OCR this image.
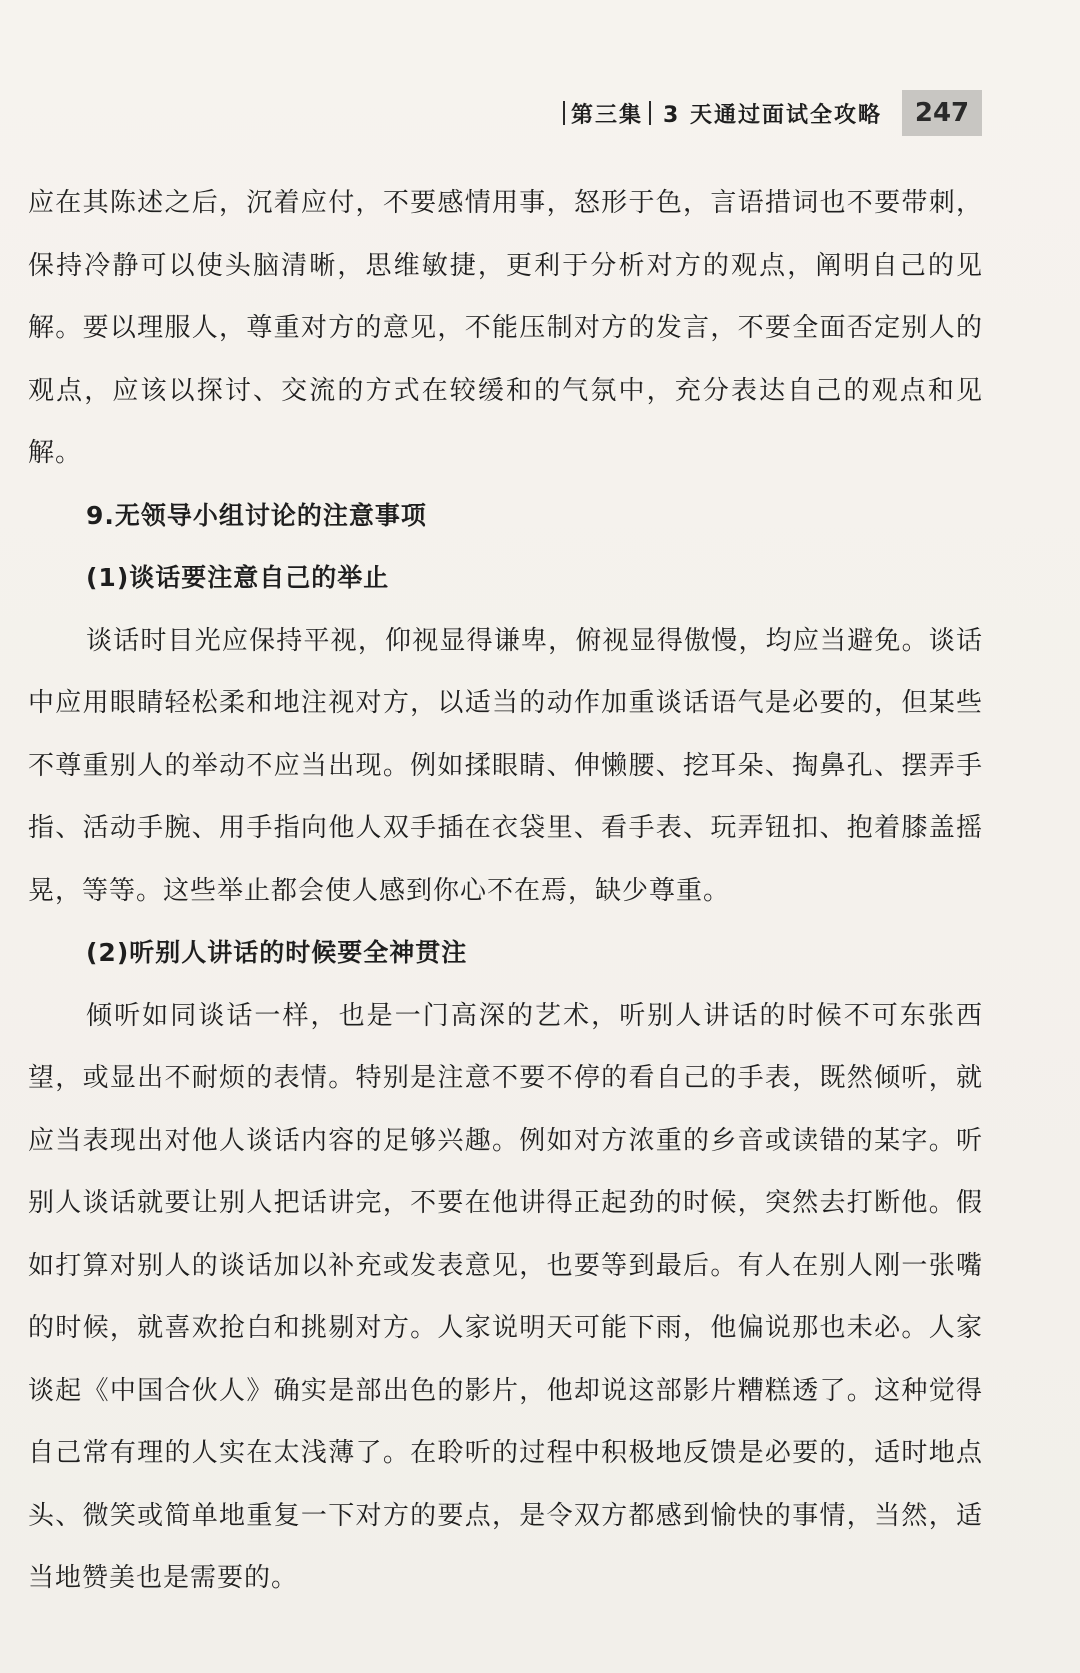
第三集 3 天通过面试全攻略	247

应在其陈述之后，沉着应付，不要感情用事，怒形于色，言语措词也不要带刺，保持冷静可以使头脑清晰，思维敏捷，更利于分析对方的观点，阐明自己的见解。要以理服人，尊重对方的意见，不能压制对方的发言，不要全面否定别人的观点，应该以探讨、交流的方式在较缓和的气氛中，充分表达自己的观点和见解。

9.无领导小组讨论的注意事项
(1)谈话要注意自己的举止

谈话时目光应保持平视，仰视显得谦卑，俯视显得傲慢，均应当避免。谈话中应用眼睛轻松柔和地注视对方，以适当的动作加重谈话语气是必要的，但某些不尊重别人的举动不应当出现。例如揉眼睛、伸懒腰、挖耳朵、掏鼻孔、摆弄手指、活动手腕、用手指向他人双手插在衣袋里、看手表、玩弄钮扣、抱着膝盖摇晃，等等。这些举止都会使人感到你心不在焉，缺少尊重。

(2)听别人讲话的时候要全神贯注

倾听如同谈话一样，也是一门高深的艺术，听别人讲话的时候不可东张西望，或显出不耐烦的表情。特别是注意不要不停的看自己的手表，既然倾听，就应当表现出对他人谈话内容的足够兴趣。例如对方浓重的乡音或读错的某字。听别人谈话就要让别人把话讲完，不要在他讲得正起劲的时候，突然去打断他。假如打算对别人的谈话加以补充或发表意见，也要等到最后。有人在别人刚一张嘴的时候，就喜欢抢白和挑剔对方。人家说明天可能下雨，他偏说那也未必。人家谈起《中国合伙人》确实是部出色的影片，他却说这部影片糟糕透了。这种觉得自己常有理的人实在太浅薄了。在聆听的过程中积极地反馈是必要的，适时地点头、微笑或简单地重复一下对方的要点，是令双方都感到愉快的事情，当然，适当地赞美也是需要的。
